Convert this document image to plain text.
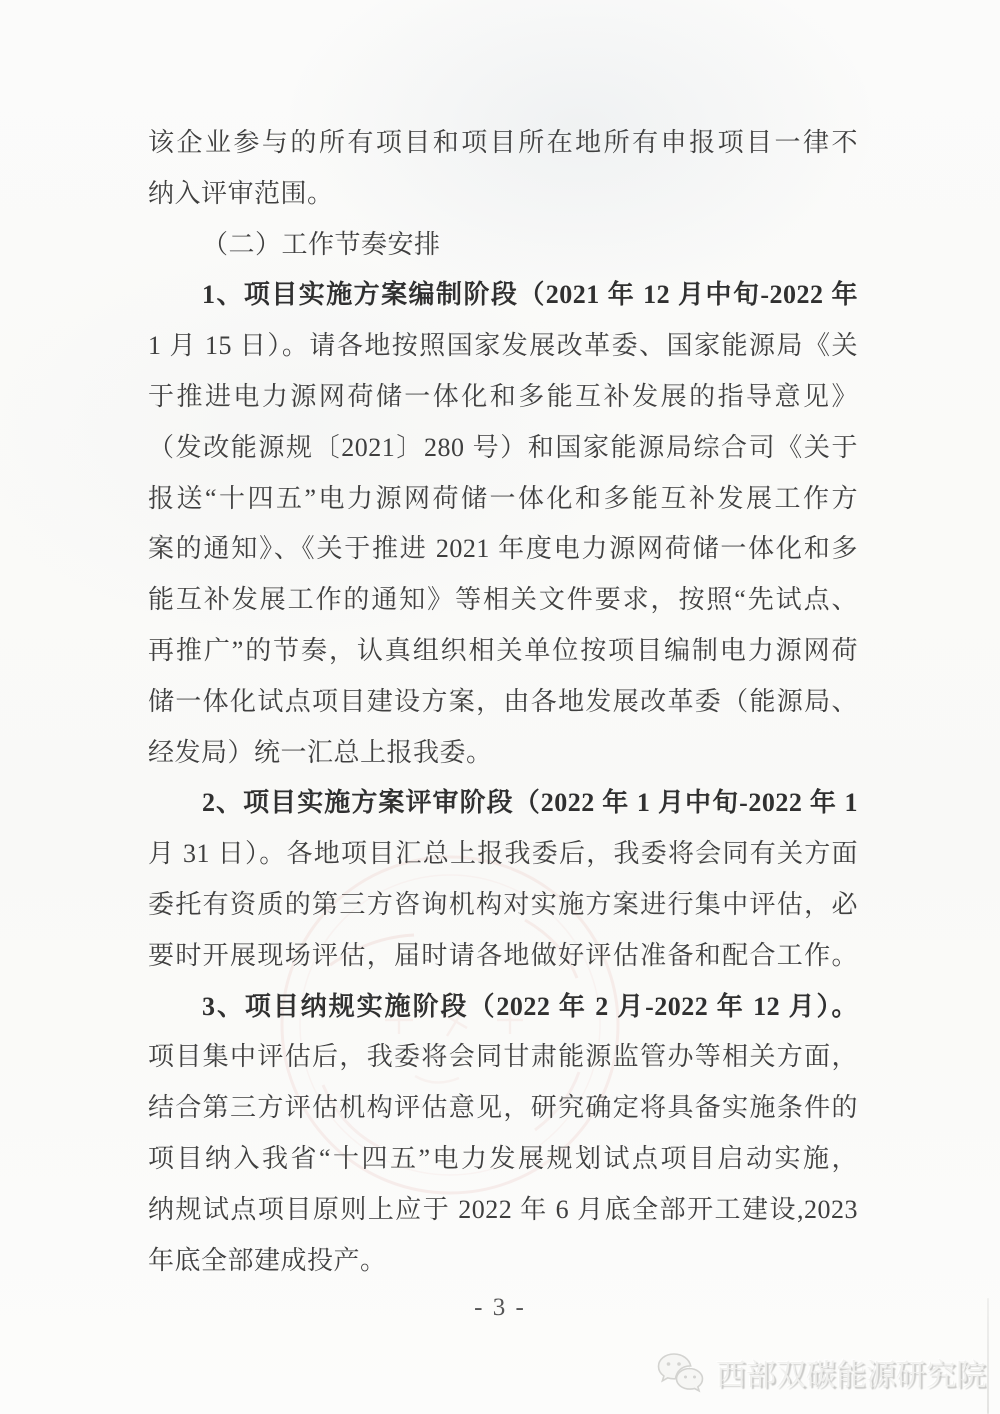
该企业参与的所有项目和项目所在地所有申报项目一律不
纳入评审范围。
（二）工作节奏安排
1、项目实施方案编制阶段（2021 年 12 月中旬-2022 年
1 月 15 日）。请各地按照国家发展改革委、国家能源局《关
于推进电力源网荷储一体化和多能互补发展的指导意见》
（发改能源规〔2021〕280 号）和国家能源局综合司《关于
报送“十四五”电力源网荷储一体化和多能互补发展工作方
案的通知》、《关于推进 2021 年度电力源网荷储一体化和多
能互补发展工作的通知》等相关文件要求，按照“先试点、
再推广”的节奏，认真组织相关单位按项目编制电力源网荷
储一体化试点项目建设方案，由各地发展改革委（能源局、
经发局）统一汇总上报我委。
2、项目实施方案评审阶段（2022 年 1 月中旬-2022 年 1
月 31 日）。各地项目汇总上报我委后，我委将会同有关方面
委托有资质的第三方咨询机构对实施方案进行集中评估，必
要时开展现场评估，届时请各地做好评估准备和配合工作。
3、项目纳规实施阶段（2022 年 2 月-2022 年 12 月）。
项目集中评估后，我委将会同甘肃能源监管办等相关方面，
结合第三方评估机构评估意见，研究确定将具备实施条件的
项目纳入我省“十四五”电力发展规划试点项目启动实施，
纳规试点项目原则上应于 2022 年 6 月底全部开工建设,2023
年底全部建成投产。
- 3 -
西部双碳能源研究院
